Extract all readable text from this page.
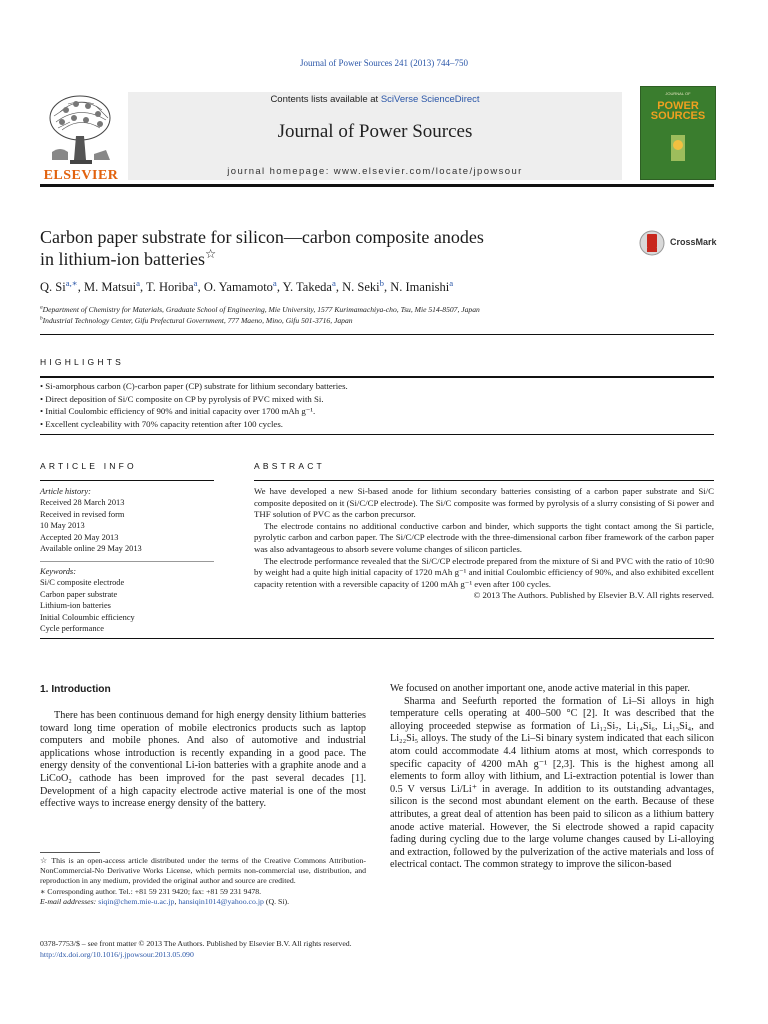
Journal of Power Sources 241 (2013) 744–750
ELSEVIER
Contents lists available at SciVerse ScienceDirect
Journal of Power Sources
journal homepage: www.elsevier.com/locate/jpowsour
JOURNAL OF
POWER
SOURCES
Carbon paper substrate for silicon—carbon composite anodes
in lithium-ion batteries☆
CrossMark
Q. $Si^{a,∗}$, M. Matsui$^a$, T. Horiba$^a$, O. Yamamoto$^a$, Y. Takeda$^a$, N. Seki$^b$, N. Imanishi$^a$
$^a$Department of Chemistry for Materials, Graduate School of Engineering, Mie University, 1577 Kurimamachiya-cho, Tsu, Mie 514-8507, Japan
$^b$Industrial Technology Center, Gifu Prefectural Government, 777 Maeno, Mino, Gifu 501-3716, Japan
HIGHLIGHTS
• Si-amorphous carbon (C)-carbon paper (CP) substrate for lithium secondary batteries.
• Direct deposition of Si/C composite on CP by pyrolysis of PVC mixed with Si.
• Initial Coulombic efficiency of 90% and initial capacity over 1700 mAh g⁻¹.
• Excellent cycleability with 70% capacity retention after 100 cycles.
ARTICLE INFO
Article history:
Received 28 March 2013
Received in revised form
10 May 2013
Accepted 20 May 2013
Available online 29 May 2013
Keywords:
Si/C composite electrode
Carbon paper substrate
Lithium-ion batteries
Initial Coloumbic efficiency
Cycle performance
ABSTRACT

We have developed a new Si-based anode for lithium secondary batteries consisting of a carbon paper substrate and Si/C composite deposited on it (Si/C/CP electrode). The Si/C composite was formed by pyrolysis of a slurry consisting of Si power and THF solution of PVC as the carbon precursor.

The electrode contains no additional conductive carbon and binder, which supports the tight contact among the Si particle, pyrolytic carbon and carbon paper. The Si/C/CP electrode with the three-dimensional carbon fiber framework of the carbon paper was also advantageous to absorb severe volume changes of silicon particles.

The electrode performance revealed that the Si/C/CP electrode prepared from the mixture of Si and PVC with the ratio of 10:90 by weight had a quite high initial capacity of 1720 mAh g⁻¹ and initial Coulombic efficiency of 90%, and also exhibited excellent capacity retention with a reversible capacity of 1200 mAh g⁻¹ even after 100 cycles.

© 2013 The Authors. Published by Elsevier B.V. All rights reserved.
1. Introduction

There has been continuous demand for high energy density lithium batteries toward long time operation of mobile electronics products such as laptop computers and mobile phones. And also of automotive and industrial applications whose introduction is recently expanding in a good pace. The energy density of the conventional Li-ion batteries with a graphite anode and a LiCoO₂ cathode has been improved for the past several decades [1]. Development of a high capacity electrode active material is one of the most effective ways to increase energy density of the battery.

We focused on another important one, anode active material in this paper.

Sharma and Seefurth reported the formation of Li–Si alloys in high temperature cells operating at 400–500 °C [2]. It was described that the alloying proceeded stepwise as formation of Li₁₂Si₇, Li₁₄Si₆, Li₁₃Si₄, and Li₂₂Si₅ alloys. The study of the Li–Si binary system indicated that each silicon atom could accommodate 4.4 lithium atoms at most, which corresponds to specific capacity of 4200 mAh g⁻¹ [2,3]. This is the highest among all elements to form alloy with lithium, and Li-extraction potential is lower than 0.5 V versus Li/Li⁺ in average. In addition to its outstanding advantages, silicon is the second most abundant element on the earth. Because of these attributes, a great deal of attention has been paid to silicon as a lithium battery anode active material. However, the Si electrode showed a rapid capacity fading during cycling due to the large volume changes caused by Li-alloying and extraction, followed by the pulverization of the active materials and loss of electrical contact. The common strategy to improve the silicon-based

☆ This is an open-access article distributed under the terms of the Creative Commons Attribution-NonCommercial-No Derivative Works License, which permits non-commercial use, distribution, and reproduction in any medium, provided the original author and source are credited.
∗ Corresponding author. Tel.: +81 59 231 9420; fax: +81 59 231 9478.
E-mail addresses: siqin@chem.mie-u.ac.jp, hansiqin1014@yahoo.co.jp (Q. Si).
0378-7753/$ – see front matter © 2013 The Authors. Published by Elsevier B.V. All rights reserved.
http://dx.doi.org/10.1016/j.jpowsour.2013.05.090
